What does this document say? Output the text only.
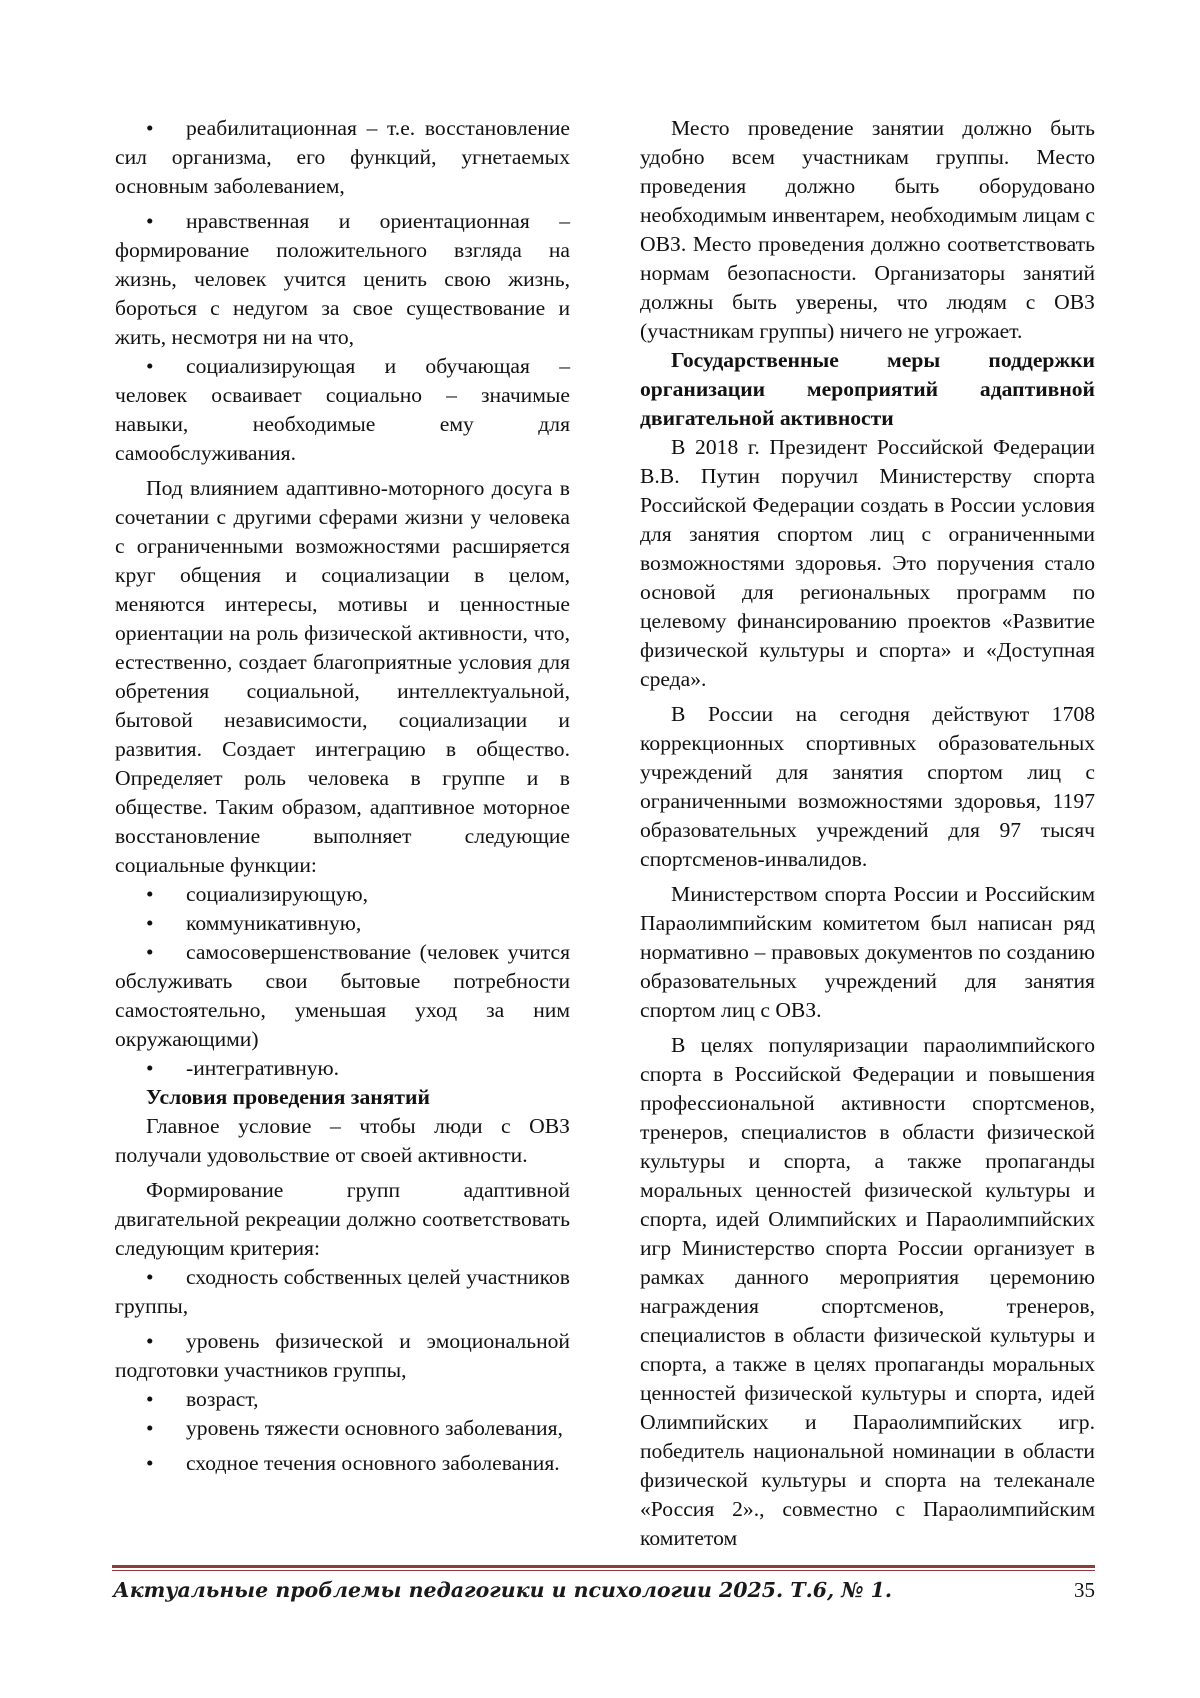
• реабилитационная – т.е. восстановление сил организма, его функций, угнетаемых основным заболеванием,

• нравственная и ориентационная – формирование положительного взгляда на жизнь, человек учится ценить свою жизнь, бороться с недугом за свое существование и жить, несмотря ни на что,

• социализирующая и обучающая – человек осваивает социально – значимые навыки, необходимые ему для самообслуживания.

Под влиянием адаптивно-моторного досуга в сочетании с другими сферами жизни у человека с ограниченными возможностями расширяется круг общения и социализации в целом, меняются интересы, мотивы и ценностные ориентации на роль физической активности, что, естественно, создает благоприятные условия для обретения социальной, интеллектуальной, бытовой независимости, социализации и развития. Создает интеграцию в общество. Определяет роль человека в группе и в обществе. Таким образом, адаптивное моторное восстановление выполняет следующие социальные функции:

• социализирующую,

• коммуникативную,

• самосовершенствование (человек учится обслуживать свои бытовые потребности самостоятельно, уменьшая уход за ним окружающими)

• -интегративную.

Условия проведения занятий

Главное условие – чтобы люди с ОВЗ получали удовольствие от своей активности.

Формирование групп адаптивной двигательной рекреации должно соответствовать следующим критерия:

• сходность собственных целей участников группы,

• уровень физической и эмоциональной подготовки участников группы,

• возраст,

• уровень тяжести основного заболевания,

• сходное течения основного заболевания.

Место проведение занятии должно быть удобно всем участникам группы. Место проведения должно быть оборудовано необходимым инвентарем, необходимым лицам с ОВЗ. Место проведения должно соответствовать нормам безопасности. Организаторы занятий должны быть уверены, что людям с ОВЗ (участникам группы) ничего не угрожает.

Государственные меры поддержки организации мероприятий адаптивной двигательной активности

В 2018 г. Президент Российской Федерации В.В. Путин поручил Министерству спорта Российской Федерации создать в России условия для занятия спортом лиц с ограниченными возможностями здоровья. Это поручения стало основой для региональных программ по целевому финансированию проектов «Развитие физической культуры и спорта» и «Доступная среда».

В России на сегодня действуют 1708 коррекционных спортивных образовательных учреждений для занятия спортом лиц с ограниченными возможностями здоровья, 1197 образовательных учреждений для 97 тысяч спортсменов-инвалидов.

Министерством спорта России и Российским Параолимпийским комитетом был написан ряд нормативно – правовых документов по созданию образовательных учреждений для занятия спортом лиц с ОВЗ.

В целях популяризации параолимпийского спорта в Российской Федерации и повышения профессиональной активности спортсменов, тренеров, специалистов в области физической культуры и спорта, а также пропаганды моральных ценностей физической культуры и спорта, идей Олимпийских и Параолимпийских игр Министерство спорта России организует в рамках данного мероприятия церемонию награждения спортсменов, тренеров, специалистов в области физической культуры и спорта, а также в целях пропаганды моральных ценностей физической культуры и спорта, идей Олимпийских и Параолимпийских игр. победитель национальной номинации в области физической культуры и спорта на телеканале «Россия 2»., совместно с Параолимпийским комитетом

Актуальные проблемы педагогики и психологии 2025. Т.6, № 1.	35
